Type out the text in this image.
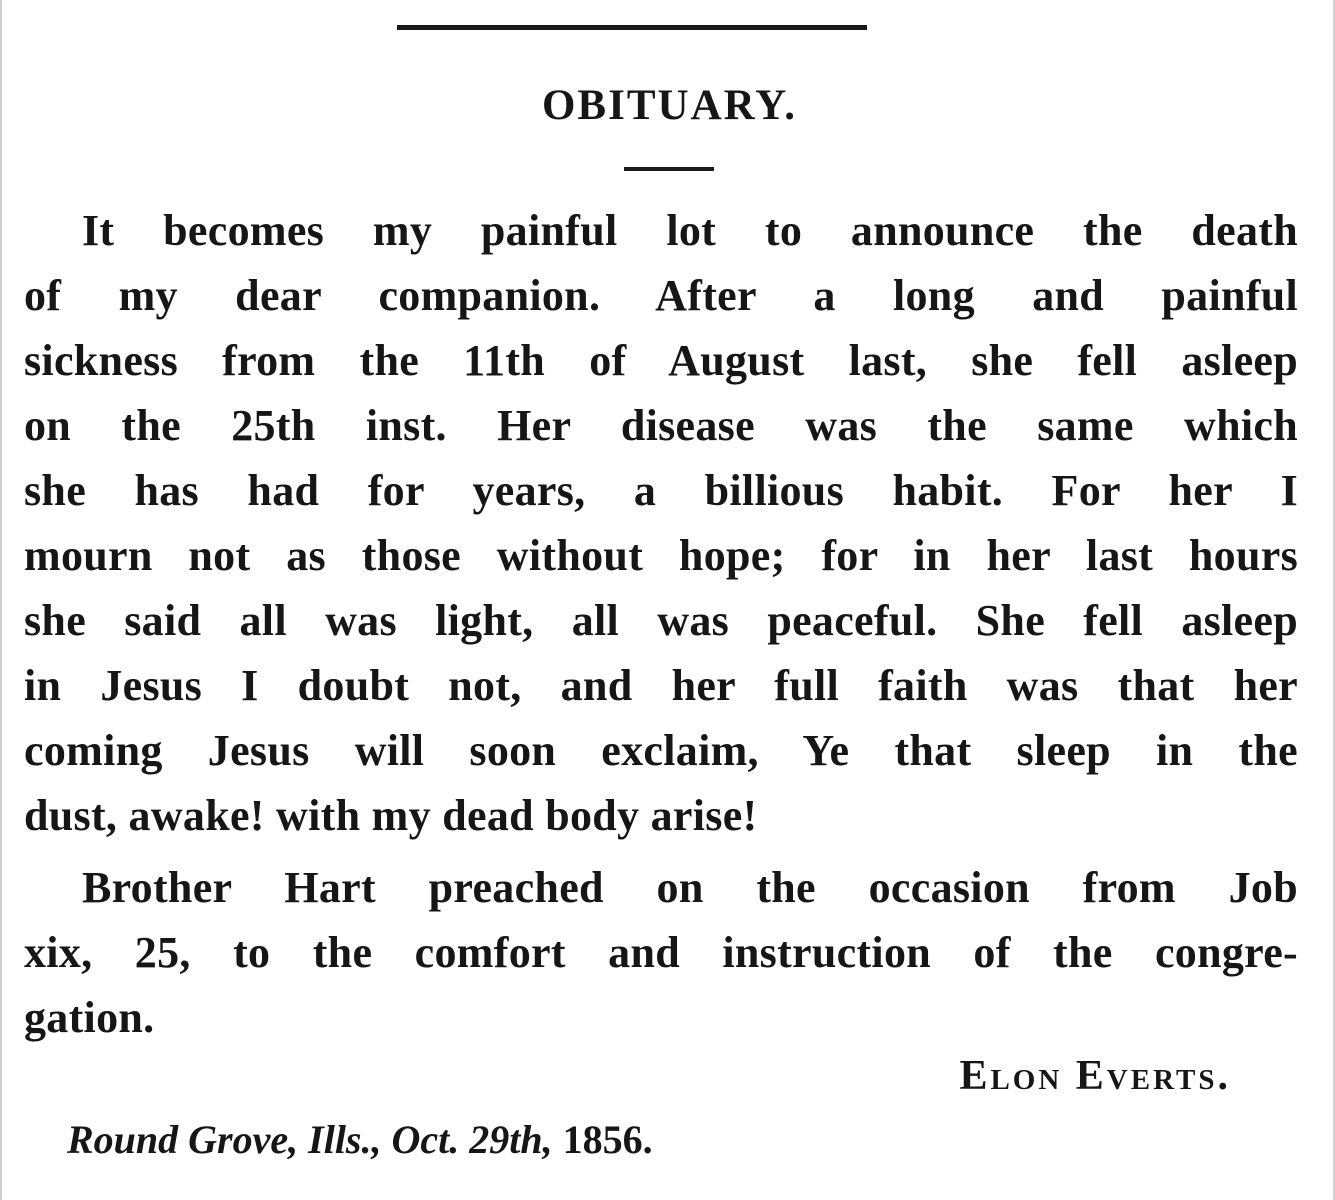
OBITUARY.
It becomes my painful lot to announce the death
of my dear companion. After a long and painful
sickness from the 11th of August last, she fell asleep
on the 25th inst. Her disease was the same which
she has had for years, a billious habit. For her I
mourn not as those without hope; for in her last hours
she said all was light, all was peaceful. She fell asleep
in Jesus I doubt not, and her full faith was that her
coming Jesus will soon exclaim, Ye that sleep in the
dust, awake! with my dead body arise!
Brother Hart preached on the occasion from Job
xix, 25, to the comfort and instruction of the congre-
gation.
Elon Everts.
Round Grove, Ills., Oct. 29th, 1856.
